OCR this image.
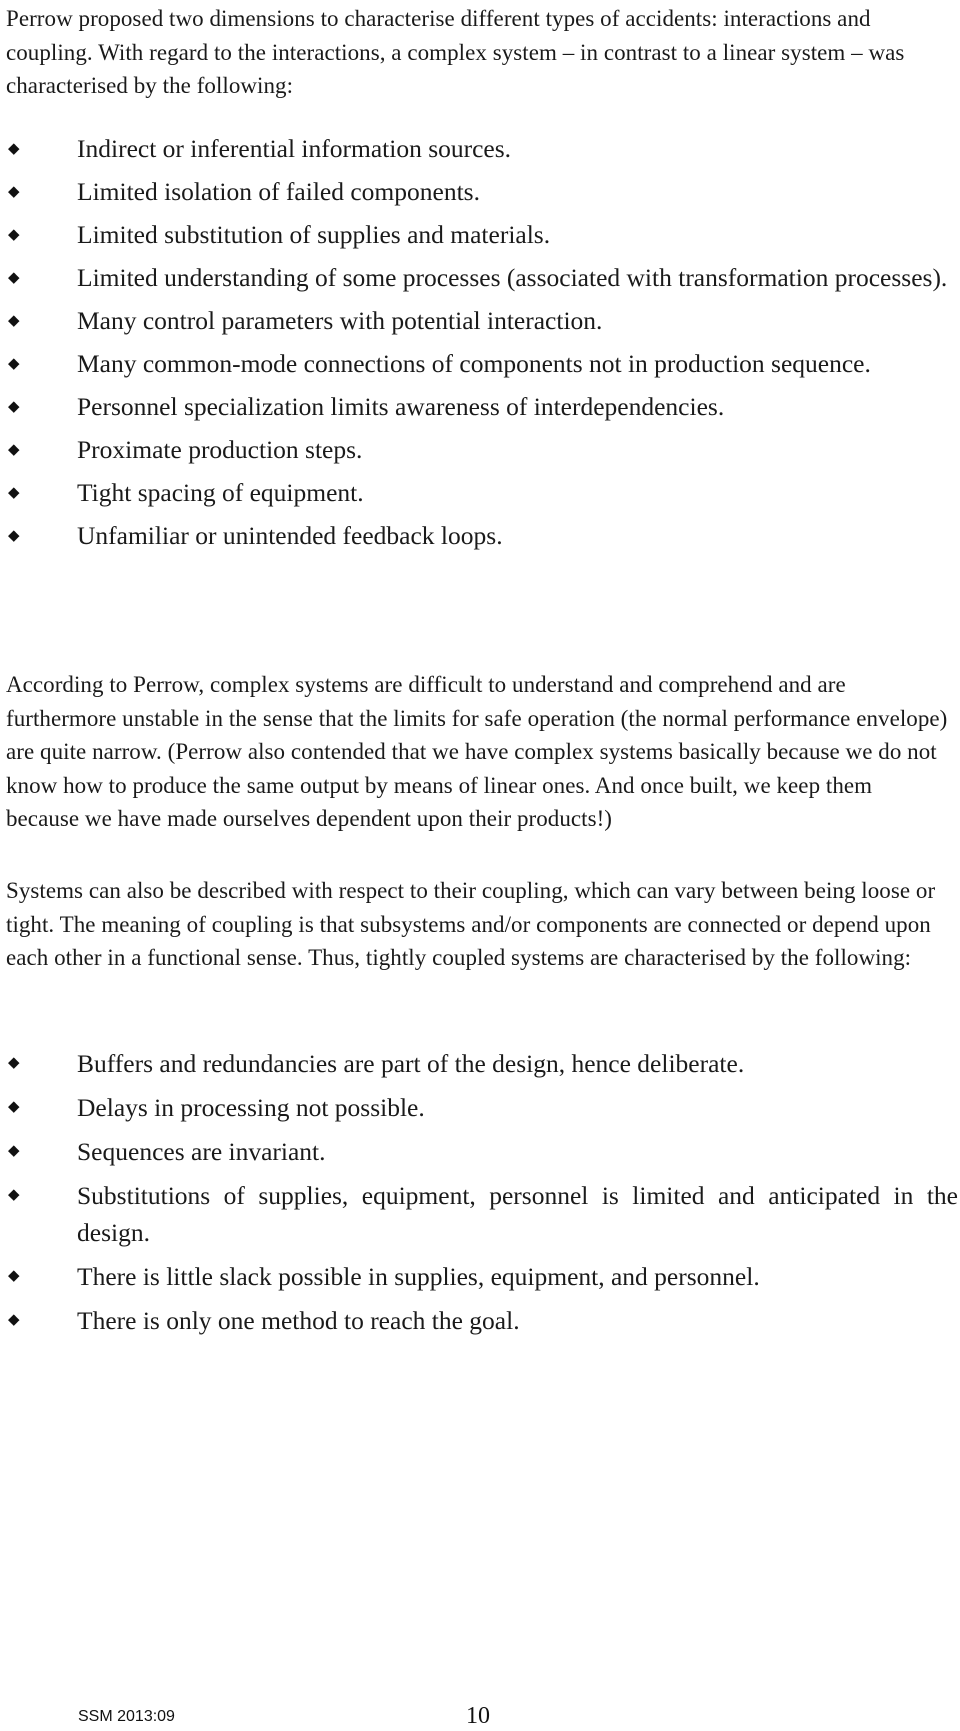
Perrow proposed two dimensions to characterise different types of accidents: interactions and coupling. With regard to the interactions, a complex system – in contrast to a linear system – was characterised by the following:

◆ Indirect or inferential information sources.
◆ Limited isolation of failed components.
◆ Limited substitution of supplies and materials.
◆ Limited understanding of some processes (associated with transformation processes).
◆ Many control parameters with potential interaction.
◆ Many common-mode connections of components not in production sequence.
◆ Personnel specialization limits awareness of interdependencies.
◆ Proximate production steps.
◆ Tight spacing of equipment.
◆ Unfamiliar or unintended feedback loops.

According to Perrow, complex systems are difficult to understand and comprehend and are furthermore unstable in the sense that the limits for safe operation (the normal performance envelope) are quite narrow. (Perrow also contended that we have complex systems basically because we do not know how to produce the same output by means of linear ones. And once built, we keep them because we have made ourselves dependent upon their products!)

Systems can also be described with respect to their coupling, which can vary between being loose or tight. The meaning of coupling is that subsystems and/or components are connected or depend upon each other in a functional sense. Thus, tightly coupled systems are characterised by the following:

◆ Buffers and redundancies are part of the design, hence deliberate.
◆ Delays in processing not possible.
◆ Sequences are invariant.
◆ Substitutions of supplies, equipment, personnel is limited and anticipated in the design.
◆ There is little slack possible in supplies, equipment, and personnel.
◆ There is only one method to reach the goal.
SSM 2013:09	10
